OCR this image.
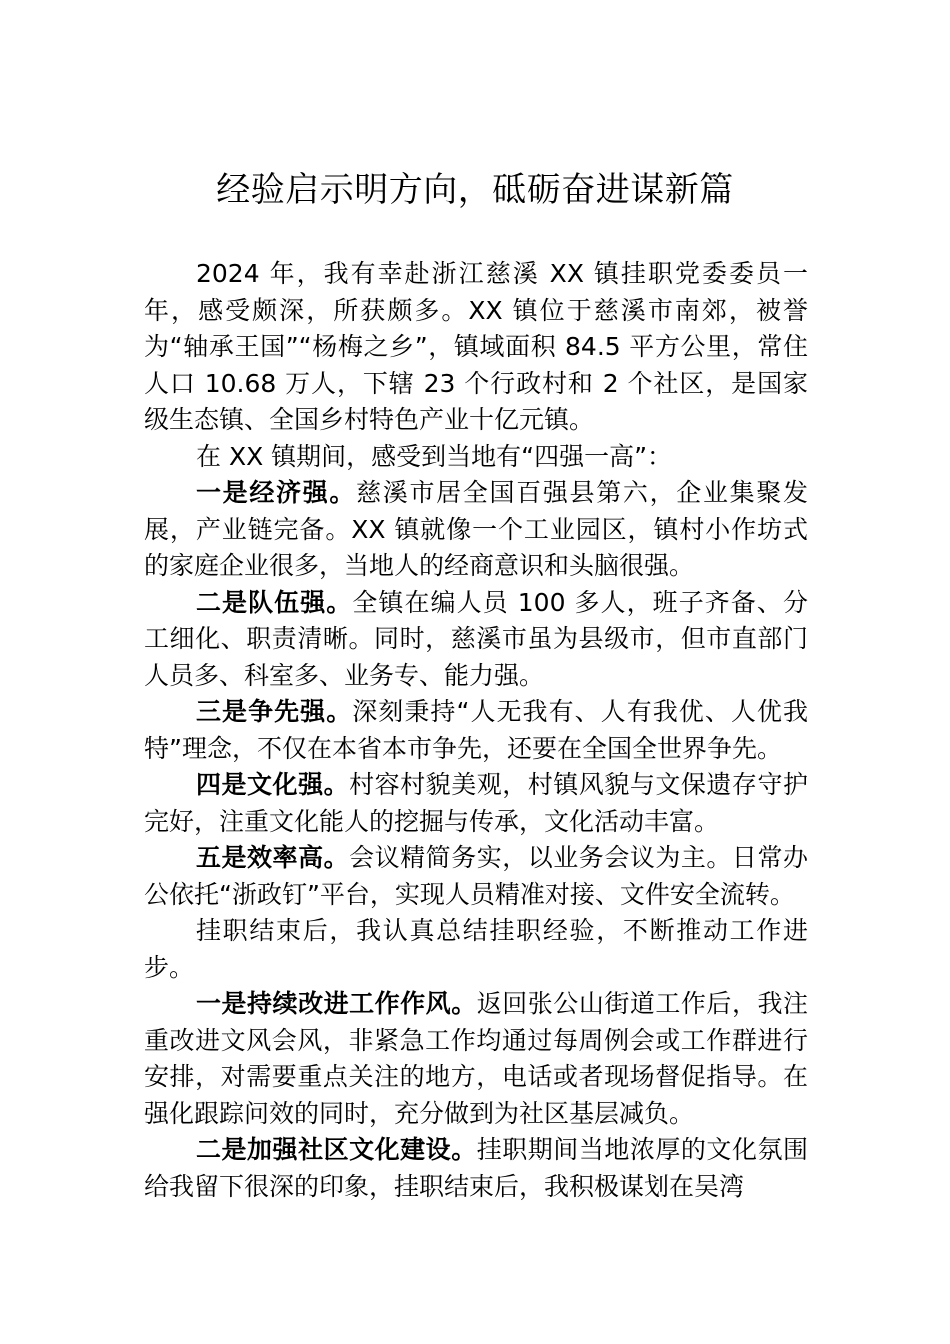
经验启示明方向，砥砺奋进谋新篇

2024 年，我有幸赴浙江慈溪 XX 镇挂职党委委员一年，感受颇深，所获颇多。XX 镇位于慈溪市南郊，被誉为“轴承王国”“杨梅之乡”，镇域面积 84.5 平方公里，常住人口 10.68 万人，下辖 23 个行政村和 2 个社区，是国家级生态镇、全国乡村特色产业十亿元镇。

在 XX 镇期间，感受到当地有“四强一高”：

一是经济强。慈溪市居全国百强县第六，企业集聚发展，产业链完备。XX 镇就像一个工业园区，镇村小作坊式的家庭企业很多，当地人的经商意识和头脑很强。

二是队伍强。全镇在编人员 100 多人，班子齐备、分工细化、职责清晰。同时，慈溪市虽为县级市，但市直部门人员多、科室多、业务专、能力强。

三是争先强。深刻秉持“人无我有、人有我优、人优我特”理念，不仅在本省本市争先，还要在全国全世界争先。

四是文化强。村容村貌美观，村镇风貌与文保遗存守护完好，注重文化能人的挖掘与传承，文化活动丰富。

五是效率高。会议精简务实，以业务会议为主。日常办公依托“浙政钉”平台，实现人员精准对接、文件安全流转。

挂职结束后，我认真总结挂职经验，不断推动工作进步。

一是持续改进工作作风。返回张公山街道工作后，我注重改进文风会风，非紧急工作均通过每周例会或工作群进行安排，对需要重点关注的地方，电话或者现场督促指导。在强化跟踪问效的同时，充分做到为社区基层减负。

二是加强社区文化建设。挂职期间当地浓厚的文化氛围给我留下很深的印象，挂职结束后，我积极谋划在吴湾
